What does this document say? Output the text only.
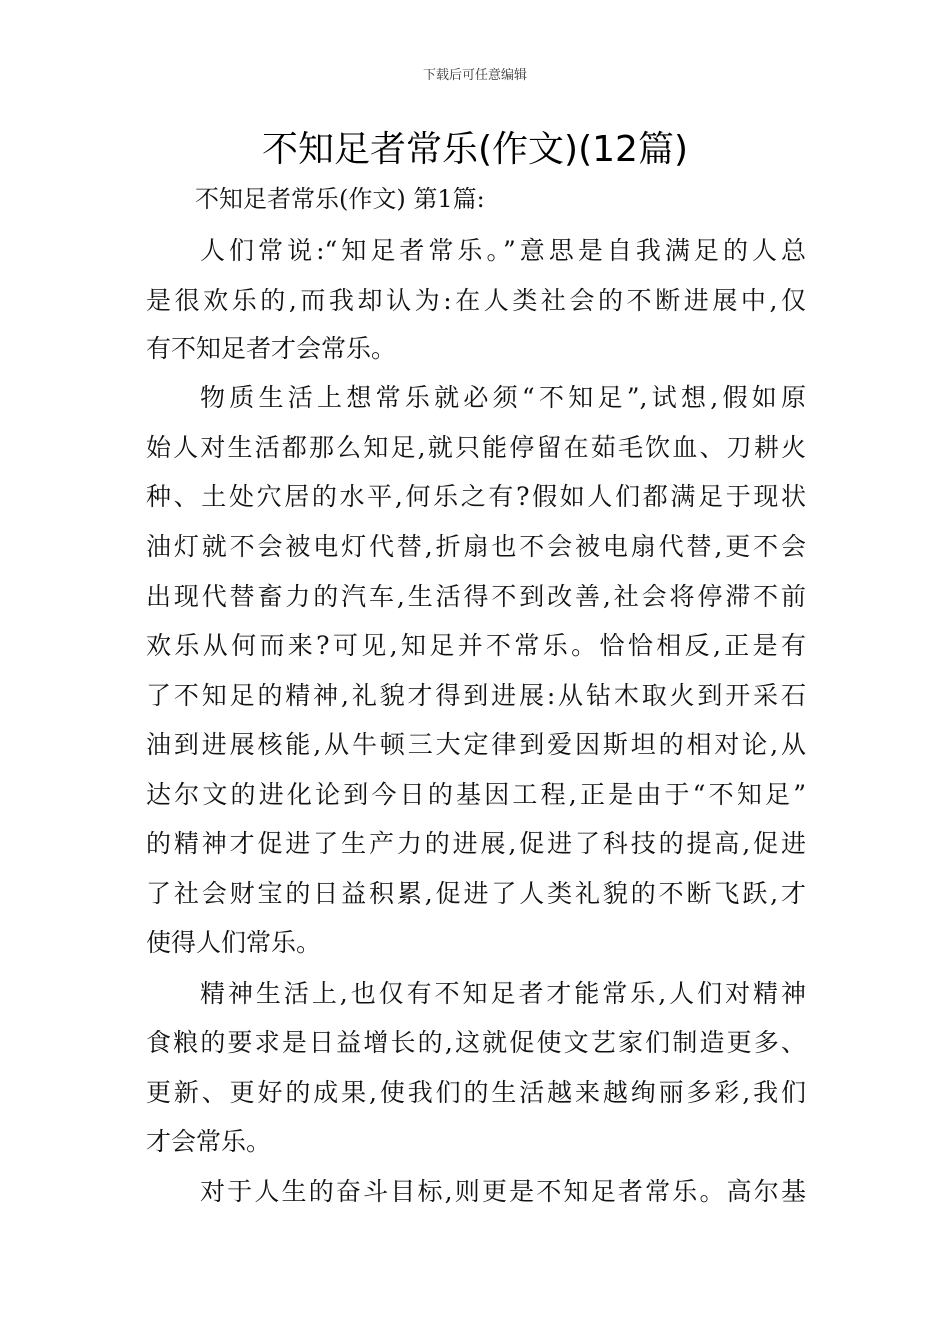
下载后可任意编辑
不知足者常乐(作文)(12篇)
不知足者常乐(作文) 第1篇:
人们常说:“知足者常乐。”意思是自我满足的人总
是很欢乐的,而我却认为:在人类社会的不断进展中,仅
有不知足者才会常乐。
物质生活上想常乐就必须“不知足”,试想,假如原
始人对生活都那么知足,就只能停留在茹毛饮血、刀耕火
种、土处穴居的水平,何乐之有?假如人们都满足于现状
油灯就不会被电灯代替,折扇也不会被电扇代替,更不会
出现代替畜力的汽车,生活得不到改善,社会将停滞不前
欢乐从何而来?可见,知足并不常乐。恰恰相反,正是有
了不知足的精神,礼貌才得到进展:从钻木取火到开采石
油到进展核能,从牛顿三大定律到爱因斯坦的相对论,从
达尔文的进化论到今日的基因工程,正是由于“不知足”
的精神才促进了生产力的进展,促进了科技的提高,促进
了社会财宝的日益积累,促进了人类礼貌的不断飞跃,才
使得人们常乐。
精神生活上,也仅有不知足者才能常乐,人们对精神
食粮的要求是日益增长的,这就促使文艺家们制造更多、
更新、更好的成果,使我们的生活越来越绚丽多彩,我们
才会常乐。
对于人生的奋斗目标,则更是不知足者常乐。高尔基
